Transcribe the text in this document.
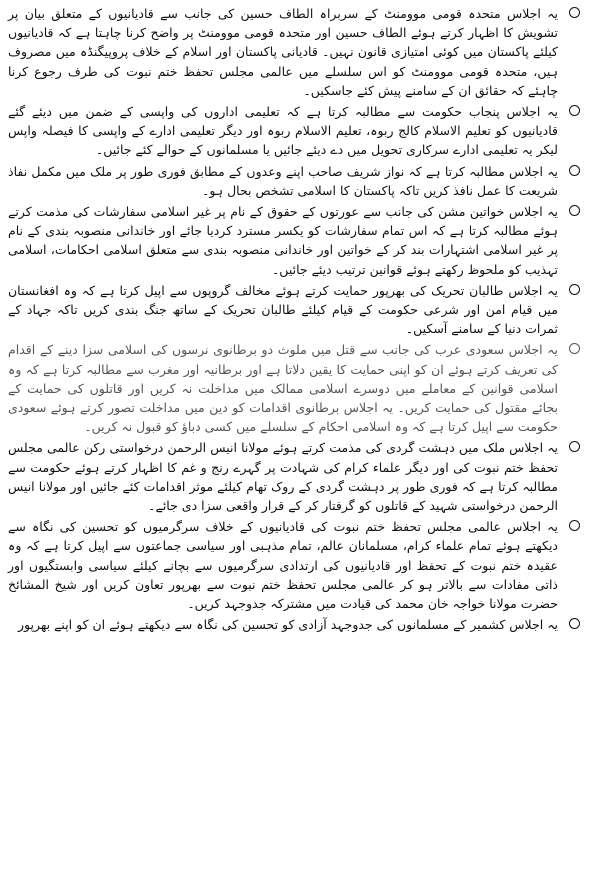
یہ اجلاس متحدہ قومی موومنٹ کے سربراہ الطاف حسین کی جانب سے قادیانیوں کے متعلق بیان پر تشویش کا اظہار کرتے ہوئے الطاف حسین اور متحدہ قومی موومنٹ پر واضح کرنا چاہتا ہے کہ قادیانیوں کیلئے پاکستان میں کوئی امتیازی قانون نہیں۔ قادیانی پاکستان اور اسلام کے خلاف پروپیگنڈہ میں مصروف ہیں، متحدہ قومی موومنٹ کو اس سلسلے میں عالمی مجلس تحفظ ختم نبوت کی طرف رجوع کرنا چاہئے کہ حقائق ان کے سامنے پیش کئے جاسکیں۔
یہ اجلاس پنجاب حکومت سے مطالبہ کرتا ہے کہ تعلیمی اداروں کی واپسی کے ضمن میں دیئے گئے قادیانیوں کو تعلیم الاسلام کالج ربوہ، تعلیم الاسلام ربوہ اور دیگر تعلیمی ادارے کے واپسی کا فیصلہ واپس لیکر یہ تعلیمی ادارے سرکاری تحویل میں دے دیئے جائیں یا مسلمانوں کے حوالے کئے جائیں۔
یہ اجلاس مطالبہ کرتا ہے کہ نواز شریف صاحب اپنے وعدوں کے مطابق فوری طور پر ملک میں مکمل نفاذ شریعت کا عمل نافذ کریں تاکہ پاکستان کا اسلامی تشخص بحال ہو۔
یہ اجلاس خواتین مشن کی جانب سے عورتوں کے حقوق کے نام پر غیر اسلامی سفارشات کی مذمت کرتے ہوئے مطالبہ کرتا ہے کہ اس تمام سفارشات کو یکسر مسترد کردیا جائے اور خاندانی منصوبہ بندی کے نام پر غیر اسلامی اشتہارات بند کر کے خواتین اور خاندانی منصوبہ بندی سے متعلق اسلامی احکامات، اسلامی تہذیب کو ملحوظ رکھتے ہوئے قوانین ترتیب دیئے جائیں۔
یہ اجلاس طالبان تحریک کی بھرپور حمایت کرتے ہوئے مخالف گروپوں سے اپیل کرتا ہے کہ وہ افغانستان میں قیام امن اور شرعی حکومت کے قیام کیلئے طالبان تحریک کے ساتھ جنگ بندی کریں تاکہ جہاد کے ثمرات دنیا کے سامنے آسکیں۔
یہ اجلاس سعودی عرب کی جانب سے قتل میں ملوث دو برطانوی نرسوں کی اسلامی سزا دینے کے اقدام کی تعریف کرتے ہوئے ان کو اپنی حمایت کا یقین دلاتا ہے اور برطانیہ اور مغرب سے مطالبہ کرتا ہے کہ وہ اسلامی قوانین کے معاملے میں دوسرے اسلامی ممالک میں مداخلت نہ کریں اور قاتلوں کی حمایت کے بجائے مقتول کی حمایت کریں۔ یہ اجلاس برطانوی اقدامات کو دین میں مداخلت تصور کرتے ہوئے سعودی حکومت سے اپیل کرتا ہے کہ وہ اسلامی احکام کے سلسلے میں کسی دباؤ کو قبول نہ کریں۔
یہ اجلاس ملک میں دہشت گردی کی مذمت کرتے ہوئے مولانا انیس الرحمن درخواستی رکن عالمی مجلس تحفظ ختم نبوت کی اور دیگر علماء کرام کی شہادت پر گہرے رنج و غم کا اظہار کرتے ہوئے حکومت سے مطالبہ کرتا ہے کہ فوری طور پر دہشت گردی کے روک تھام کیلئے موثر اقدامات کئے جائیں اور مولانا انیس الرحمن درخواستی شہید کے قاتلوں کو گرفتار کر کے قرار واقعی سزا دی جائے۔
یہ اجلاس عالمی مجلس تحفظ ختم نبوت کی قادیانیوں کے خلاف سرگرمیوں کو تحسین کی نگاہ سے دیکھتے ہوئے تمام علماء کرام، مسلمانان عالم، تمام مذہبی اور سیاسی جماعتوں سے اپیل کرتا ہے کہ وہ عقیدہ ختم نبوت کے تحفظ اور قادیانیوں کی ارتدادی سرگرمیوں سے بچانے کیلئے سیاسی وابستگیوں اور ذاتی مفادات سے بالاتر ہو کر عالمی مجلس تحفظ ختم نبوت سے بھرپور تعاون کریں اور شیخ المشائخ حضرت مولانا خواجہ خان محمد کی قیادت میں مشترکہ جدوجہد کریں۔
یہ اجلاس کشمیر کے مسلمانوں کی جدوجہد آزادی کو تحسین کی نگاہ سے دیکھتے ہوئے ان کو اپنے بھرپور
